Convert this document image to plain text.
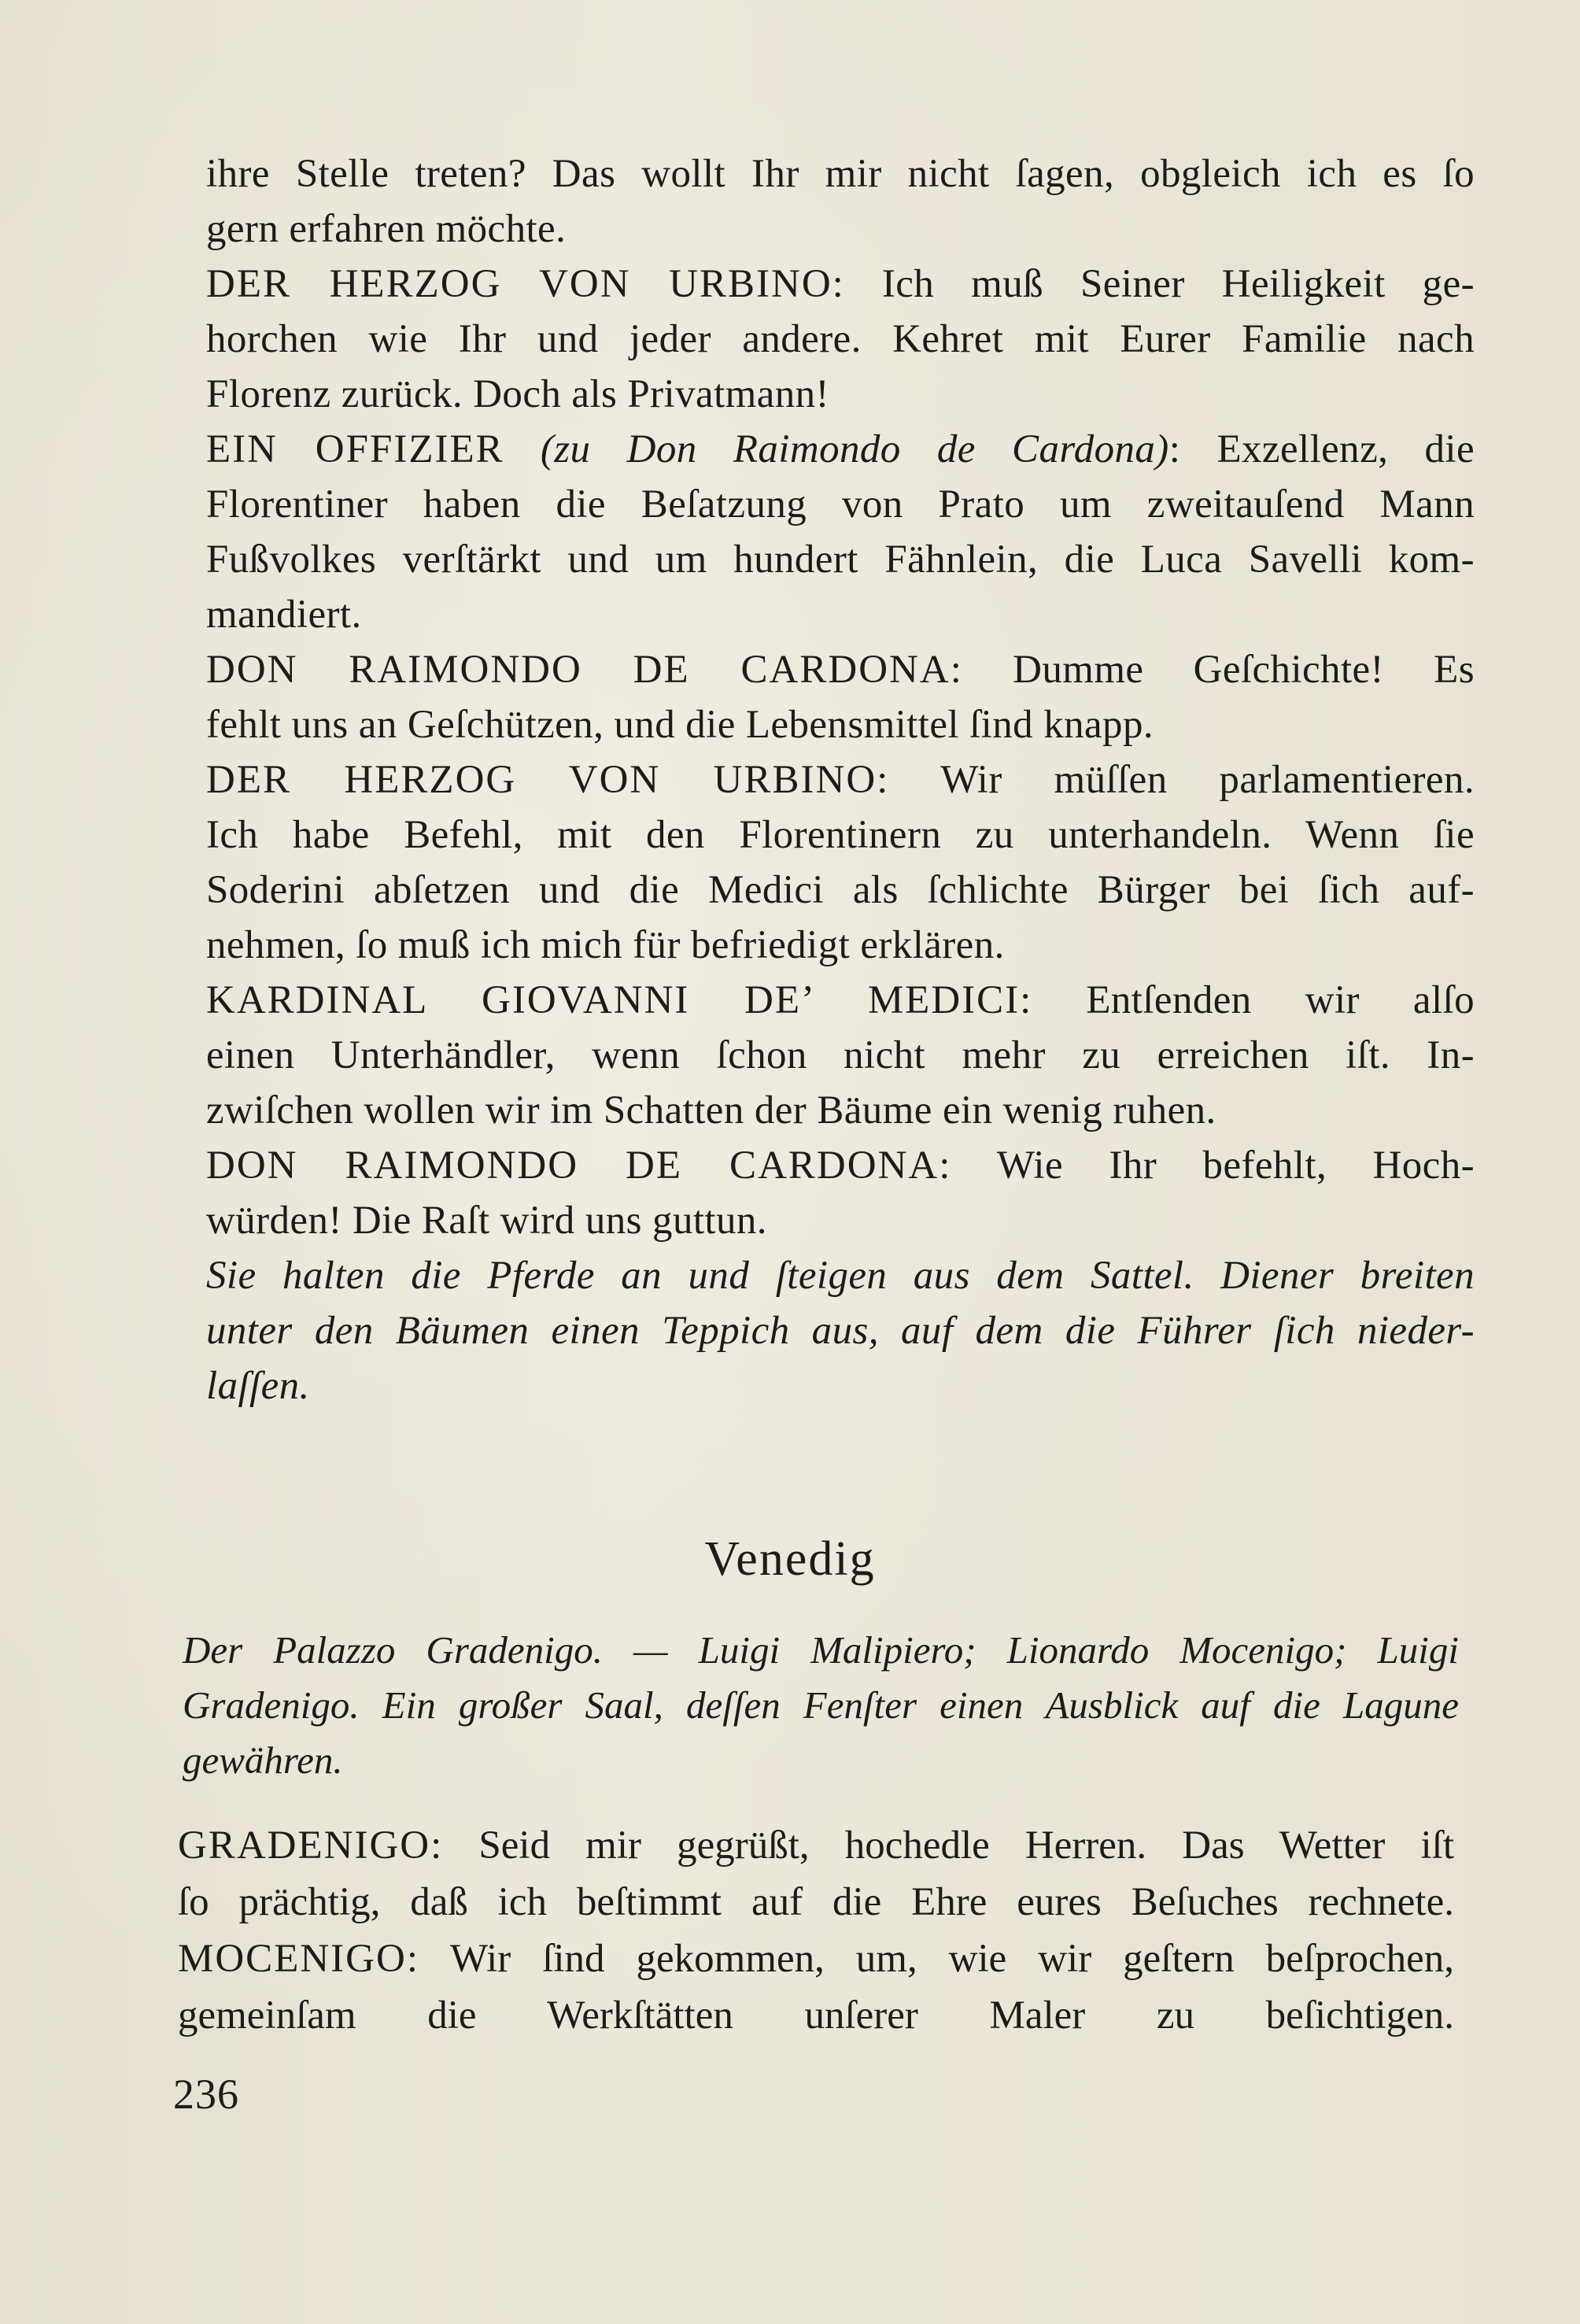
ihre Stelle treten? Das wollt Ihr mir nicht ſagen, obgleich ich es ſo
gern erfahren möchte.
DER HERZOG VON URBINO: Ich muß Seiner Heiligkeit ge-
horchen wie Ihr und jeder andere. Kehret mit Eurer Familie nach
Florenz zurück. Doch als Privatmann!
EIN OFFIZIER (zu Don Raimondo de Cardona): Exzellenz, die
Florentiner haben die Beſatzung von Prato um zweitauſend Mann
Fußvolkes verſtärkt und um hundert Fähnlein, die Luca Savelli kom-
mandiert.
DON RAIMONDO DE CARDONA: Dumme Geſchichte! Es
fehlt uns an Geſchützen, und die Lebensmittel ſind knapp.
DER HERZOG VON URBINO: Wir müſſen parlamentieren.
Ich habe Befehl, mit den Florentinern zu unterhandeln. Wenn ſie
Soderini abſetzen und die Medici als ſchlichte Bürger bei ſich auf-
nehmen, ſo muß ich mich für befriedigt erklären.
KARDINAL GIOVANNI DE’ MEDICI: Entſenden wir alſo
einen Unterhändler, wenn ſchon nicht mehr zu erreichen iſt. In-
zwiſchen wollen wir im Schatten der Bäume ein wenig ruhen.
DON RAIMONDO DE CARDONA: Wie Ihr befehlt, Hoch-
würden! Die Raſt wird uns guttun.
Sie halten die Pferde an und ſteigen aus dem Sattel. Diener breiten
unter den Bäumen einen Teppich aus, auf dem die Führer ſich nieder-
laſſen.
Venedig
Der Palazzo Gradenigo. — Luigi Malipiero; Lionardo Mocenigo; Luigi
Gradenigo. Ein großer Saal, deſſen Fenſter einen Ausblick auf die Lagune
gewähren.
GRADENIGO: Seid mir gegrüßt, hochedle Herren. Das Wetter iſt
ſo prächtig, daß ich beſtimmt auf die Ehre eures Beſuches rechnete.
MOCENIGO: Wir ſind gekommen, um, wie wir geſtern beſprochen,
gemeinſam die Werkſtätten unſerer Maler zu beſichtigen.
236
